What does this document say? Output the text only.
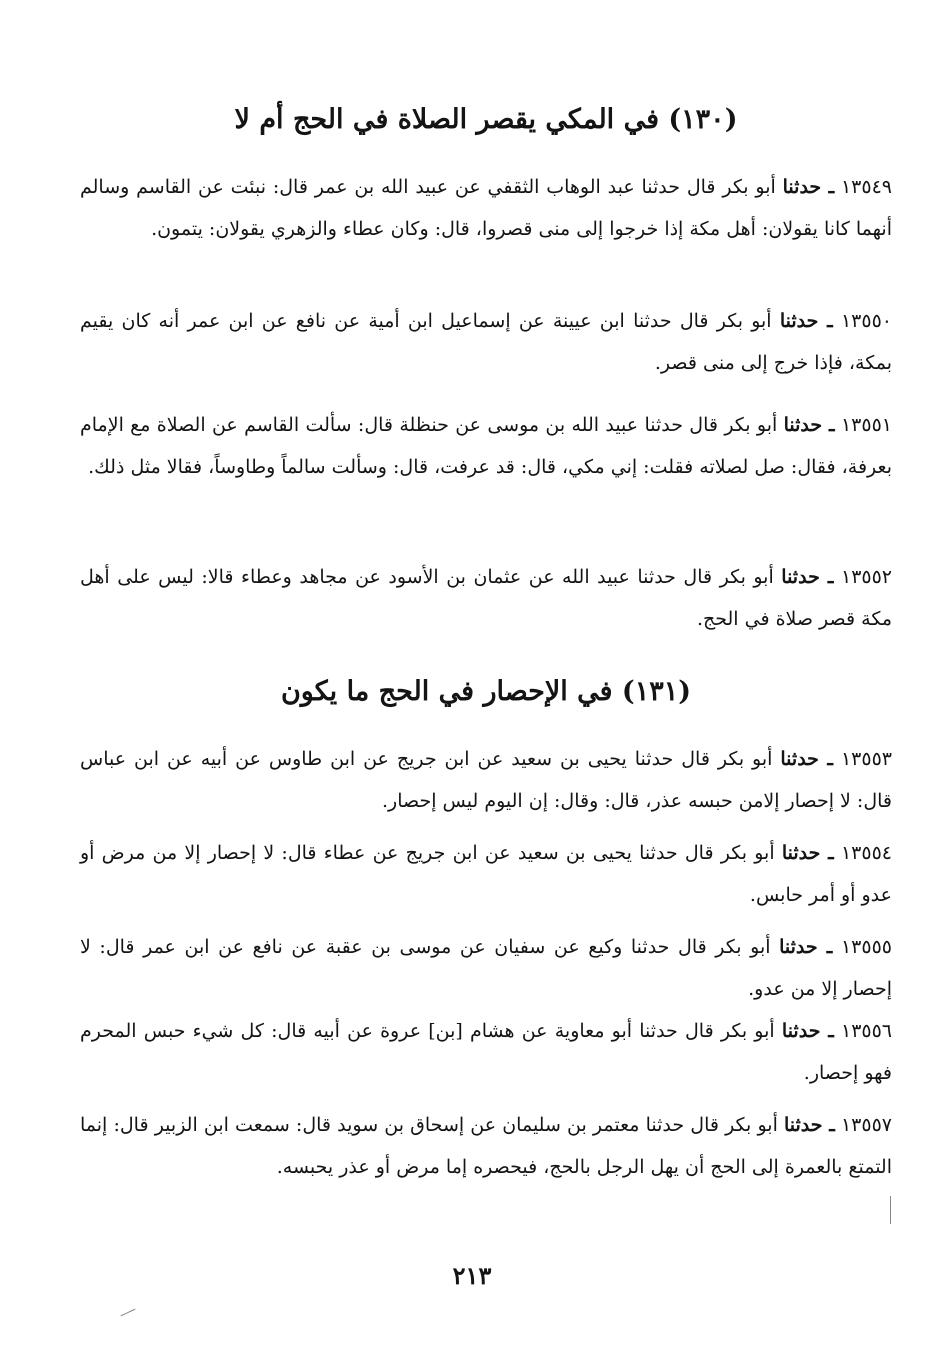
(١٣٠) في المكي يقصر الصلاة في الحج أم لا
١٣٥٤٩ ـ حدثنا أبو بكر قال حدثنا عبد الوهاب الثقفي عن عبيد الله بن عمر قال: نبئت عن القاسم وسالم أنهما كانا يقولان: أهل مكة إذا خرجوا إلى منى قصروا، قال: وكان عطاء والزهري يقولان: يتمون.
١٣٥٥٠ ـ حدثنا أبو بكر قال حدثنا ابن عيينة عن إسماعيل ابن أمية عن نافع عن ابن عمر أنه كان يقيم بمكة، فإذا خرج إلى منى قصر.
١٣٥٥١ ـ حدثنا أبو بكر قال حدثنا عبيد الله بن موسى عن حنظلة قال: سألت القاسم عن الصلاة مع الإمام بعرفة، فقال: صل لصلاته فقلت: إني مكي، قال: قد عرفت، قال: وسألت سالماً وطاوساً، فقالا مثل ذلك.
١٣٥٥٢ ـ حدثنا أبو بكر قال حدثنا عبيد الله عن عثمان بن الأسود عن مجاهد وعطاء قالا: ليس على أهل مكة قصر صلاة في الحج.
(١٣١) في الإحصار في الحج ما يكون
١٣٥٥٣ ـ حدثنا أبو بكر قال حدثنا يحيى بن سعيد عن ابن جريج عن ابن طاوس عن أبيه عن ابن عباس قال: لا إحصار إلامن حبسه عذر، قال: وقال: إن اليوم ليس إحصار.
١٣٥٥٤ ـ حدثنا أبو بكر قال حدثنا يحيى بن سعيد عن ابن جريج عن عطاء قال: لا إحصار إلا من مرض أو عدو أو أمر حابس.
١٣٥٥٥ ـ حدثنا أبو بكر قال حدثنا وكيع عن سفيان عن موسى بن عقبة عن نافع عن ابن عمر قال: لا إحصار إلا من عدو.
١٣٥٥٦ ـ حدثنا أبو بكر قال حدثنا أبو معاوية عن هشام [بن] عروة عن أبيه قال: كل شيء حبس المحرم فهو إحصار.
١٣٥٥٧ ـ حدثنا أبو بكر قال حدثنا معتمر بن سليمان عن إسحاق بن سويد قال: سمعت ابن الزبير قال: إنما التمتع بالعمرة إلى الحج أن يهل الرجل بالحج، فيحصره إما مرض أو عذر يحبسه.
٢١٣
